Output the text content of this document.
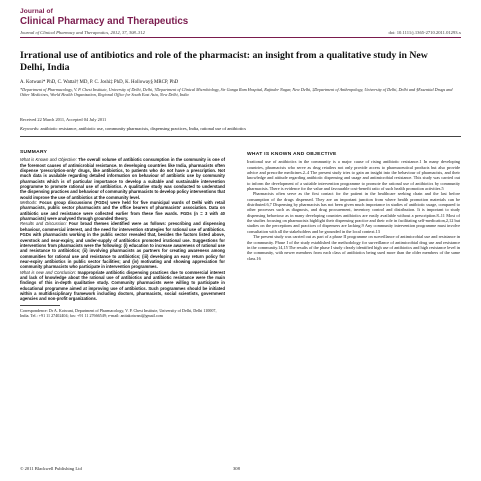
Journal of
Clinical Pharmacy and Therapeutics
Journal of Clinical Pharmacy and Therapeutics, 2012, 37, 308–312	doi: 10.1111/j.1365-2710.2011.01293.x
Irrational use of antibiotics and role of the pharmacist: an insight from a qualitative study in New Delhi, India
A. Kotwani* PhD, C. Wattal† MD, P. C. Joshi‡ PhD, K. Holloway§ MRCP, PhD
*Department of Pharmacology, V. P. Chest Institute, University of Delhi, Delhi, †Department of Clinical Microbiology, Sir Ganga Ram Hospital, Rajinder Nagar, New Delhi, ‡Department of Anthropology, University of Delhi, Delhi and §Essential Drugs and Other Medicines, World Health Organization, Regional Office for South East Asia, New Delhi, India
Received 22 March 2011, Accepted 04 July 2011
Keywords: antibiotic resistance, antibiotic use, community pharmacists, dispensing practices, India, rational use of antibiotics
SUMMARY

What is Known and Objective: The overall volume of antibiotic consumption in the community is one of the foremost causes of antimicrobial resistance. In developing countries like India, pharmacists often dispense 'prescription-only' drugs, like antibiotics, to patients who do not have a prescription. Not much data is available regarding detailed information on behaviour of antibiotic use by community pharmacists which is of particular importance to develop a suitable and sustainable intervention programme to promote rational use of antibiotics. A qualitative study was conducted to understand the dispensing practices and behaviour of community pharmacists to develop policy interventions that would improve the use of antibiotics at the community level.

Methods: Focus group discussions (FGDs) were held for five municipal wards of Delhi with retail pharmacists, public sector pharmacists and the office bearers of pharmacists' association. Data on antibiotic use and resistance were collected earlier from these five wards. FGDs (n = 3 with 40 pharmacists) were analysed through grounded theory.

Results and Discussion: Four broad themes identified were as follows: prescribing and dispensing behaviour, commercial interest, and the need for intervention strategies for rational use of antibiotics. FGDs with pharmacists working in the public sector revealed that, besides the factors listed above, overstock and near-expiry, and under-supply of antibiotics promoted irrational use. Suggestions for interventions from pharmacists were the following: (i) education to increase awareness of rational use and resistance to antibiotics; (ii) involving pharmacists as partners for creating awareness among communities for rational use and resistance to antibiotics; (iii) developing an easy return policy for near-expiry antibiotics in public sector facilities; and (iv) motivating and showing appreciation for community pharmacists who participate in intervention programmes.

What is new and Conclusion: Inappropriate antibiotic dispensing practices due to commercial interest and lack of knowledge about the rational use of antibiotics and antibiotic resistance were the main findings of this in-depth qualitative study. Community pharmacists were willing to participate in educational programme aimed at improving use of antibiotics. Such programmes should be initiated within a multidisciplinary framework including doctors, pharmacists, social scientists, government agencies and non-profit organizations.

Correspondence: Dr A. Kotwani, Department of Pharmacology, V. P. Chest Institute, University of Delhi, Delhi 110007, India. Tel.: +91 11 27402404; fax: +91 11 27666549; e-mail: anitakotwani@gmail.com
WHAT IS KNOWN AND OBJECTIVE

Irrational use of antibiotics in the community is a major cause of rising antibiotic resistance.1 In many developing countries, pharmacists who serve as drug retailers not only provide access to pharmaceutical products but also provide advice and prescribe medicines.2–4 The present study tries to gain an insight into the behaviour of pharmacists, and their knowledge and attitude regarding antibiotic dispensing and usage and antimicrobial resistance. This study was carried out to inform the development of a suitable intervention programme to promote the rational use of antibiotics by community pharmacists. There is evidence for the value and favourable cost-benefit ratio of such health promotion activities.5

Pharmacists often serve as the first contact for the patient in the healthcare seeking chain and the last before consumption of the drugs dispensed. They are an important junction from where health promotion materials can be distributed.6,7 Dispensing by pharmacists has not been given much importance in studies of antibiotic usage, compared to other processes such as diagnosis, and drug procurement, inventory control and distribution. It is important to study dispensing behaviour as in many developing countries antibiotics are easily available without a prescription.8–11 Most of the studies focusing on pharmacists highlight their dispensing practice and their role in facilitating self-medication,2,12 but studies on the perceptions and practices of dispensers are lacking.9 Any community intervention programme must involve consultation with all the stakeholders and be grounded in the local context.13

The present study was carried out as part of a phase II programme on surveillance of antimicrobial use and resistance in the community. Phase I of the study established the methodology for surveillance of antimicrobial drug use and resistance in the community.14,15 The results of the phase I study clearly identified high use of antibiotics and high resistance level in the community, with newer members from each class of antibiotics being used more than the older members of the same class.16

© 2011 Blackwell Publishing Ltd	308
